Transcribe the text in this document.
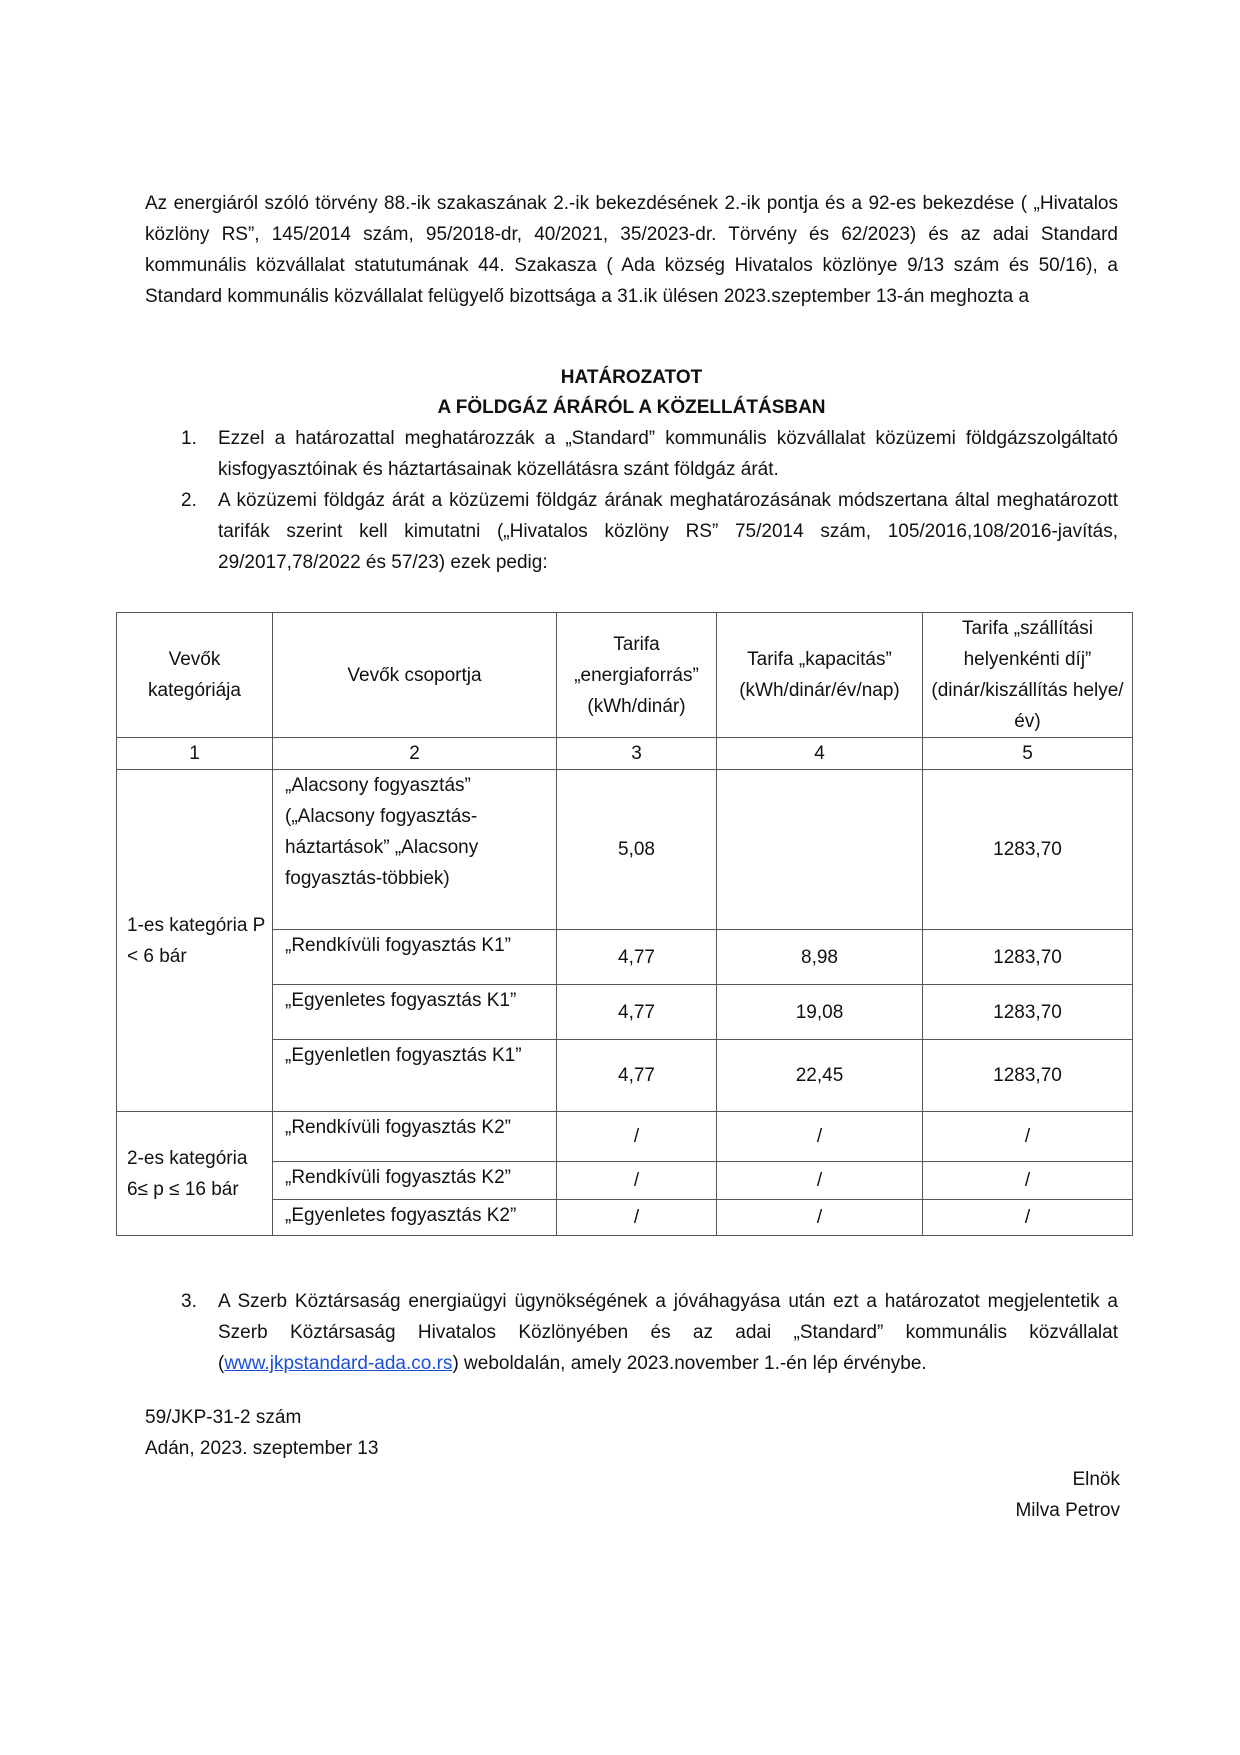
Az energiáról szóló törvény 88.-ik szakaszának 2.-ik bekezdésének 2.-ik pontja és a 92-es bekezdése ( „Hivatalos közlöny RS”, 145/2014 szám, 95/2018-dr, 40/2021, 35/2023-dr. Törvény és 62/2023) és az adai Standard kommunális közvállalat statutumának 44. Szakasza ( Ada község Hivatalos közlönye 9/13 szám és 50/16), a Standard kommunális közvállalat felügyelő bizottsága a 31.ik ülésen 2023.szeptember 13-án meghozta a
HATÁROZATOT
A FÖLDGÁZ ÁRÁRÓL A KÖZELLÁTÁSBAN
1. Ezzel a határozattal meghatározzák a „Standard” kommunális közvállalat közüzemi földgázszolgáltató kisfogyasztóinak és háztartásainak közellátásra szánt földgáz árát.
2. A közüzemi földgáz árát a közüzemi földgáz árának meghatározásának módszertana által meghatározott tarifák szerint kell kimutatni („Hivatalos közlöny RS” 75/2014 szám, 105/2016,108/2016-javítás, 29/2017,78/2022 és 57/23) ezek pedig:
Vevők kategóriája	Vevők csoportja	Tarifa „energiaforrás” (kWh/dinár)	Tarifa „kapacitás” (kWh/dinár/év/nap)	Tarifa „szállítási helyenkénti díj” (dinár/kiszállítás helye/év)
1	2	3	4	5
1-es kategória P < 6 bár	„Alacsony fogyasztás” („Alacsony fogyasztás-háztartások” „Alacsony fogyasztás-többiek)	5,08		1283,70
	„Rendkívüli fogyasztás K1”	4,77	8,98	1283,70
	„Egyenletes fogyasztás K1”	4,77	19,08	1283,70
	„Egyenletlen fogyasztás K1”	4,77	22,45	1283,70
2-es kategória 6≤ p ≤ 16 bár	„Rendkívüli fogyasztás K2”	/	/	/
	„Rendkívüli fogyasztás K2”	/	/	/
	„Egyenletes fogyasztás K2”	/	/	/
3. A Szerb Köztársaság energiaügyi ügynökségének a jóváhagyása után ezt a határozatot megjelentetik a Szerb Köztársaság Hivatalos Közlönyében és az adai „Standard” kommunális közvállalat (www.jkpstandard-ada.co.rs) weboldalán, amely 2023.november 1.-én lép érvénybe.
59/JKP-31-2 szám
Adán, 2023. szeptember 13
Elnök
Milva Petrov
